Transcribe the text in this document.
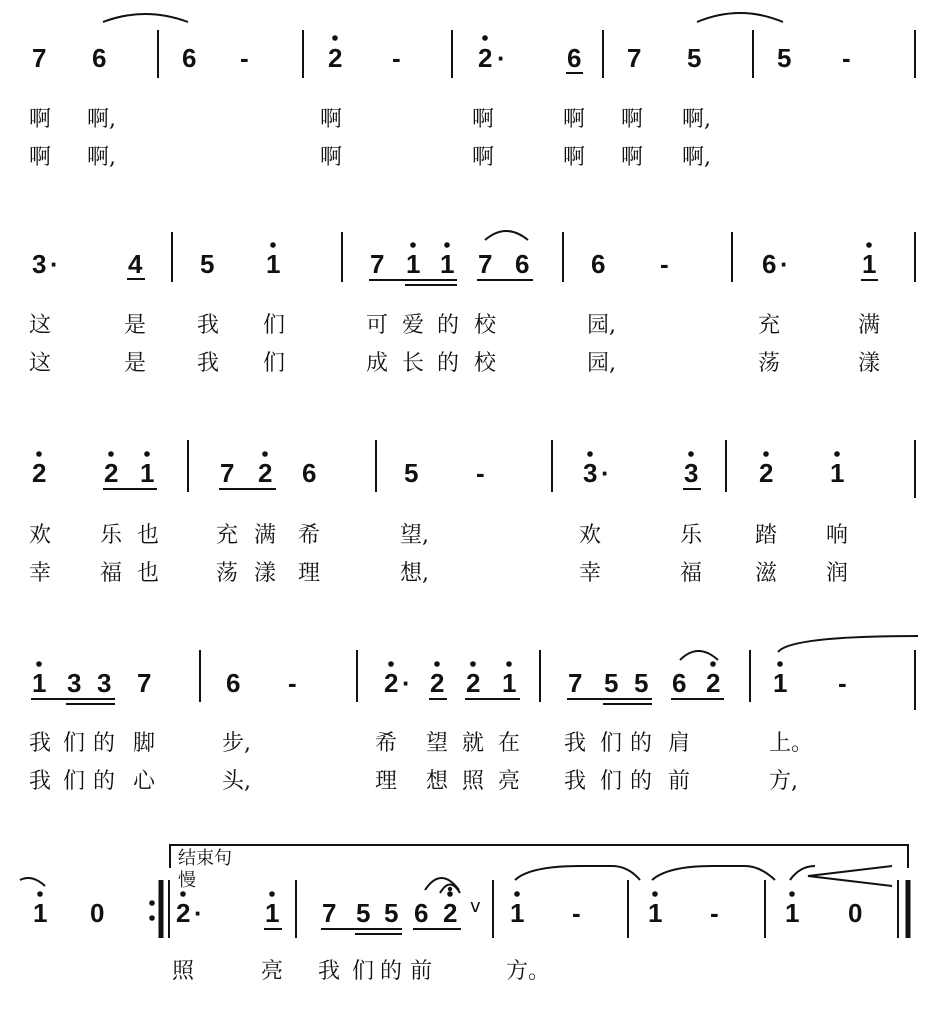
7 6	6 -	2 -	2 · 6 7 5	5 -
啊 啊,	啊	啊	啊 啊 啊,
啊 啊,	啊	啊	啊 啊 啊,
3 ·	4 5 1	7 1 1 7 6 6 -	6 ·	1
这	是 我 们	可 爱 的 校	园,	充	满
这	是 我 们	成 长 的 校	园,	荡	漾
2 2 1	7 2 6	5 -	3 ·	3 2 1
欢 乐 也	充 满 希	望,	欢	乐 踏 响
幸 福 也	荡 漾 理	想,	幸	福 滋 润
1 3 3 7	6 -	2 · 2 2 1 7 5 5 6 2 1 -
我 们 的 脚	步,	希 望 就 在 我 们 的 肩	上。
我 们 的 心	头,	理 想 照 亮 我 们 的 前	方,
结束句
慢
1 0	2 · 1 7 5 5 6 2 v 1 -	1 -	1 0
照	亮 我 们 的 前	方。
